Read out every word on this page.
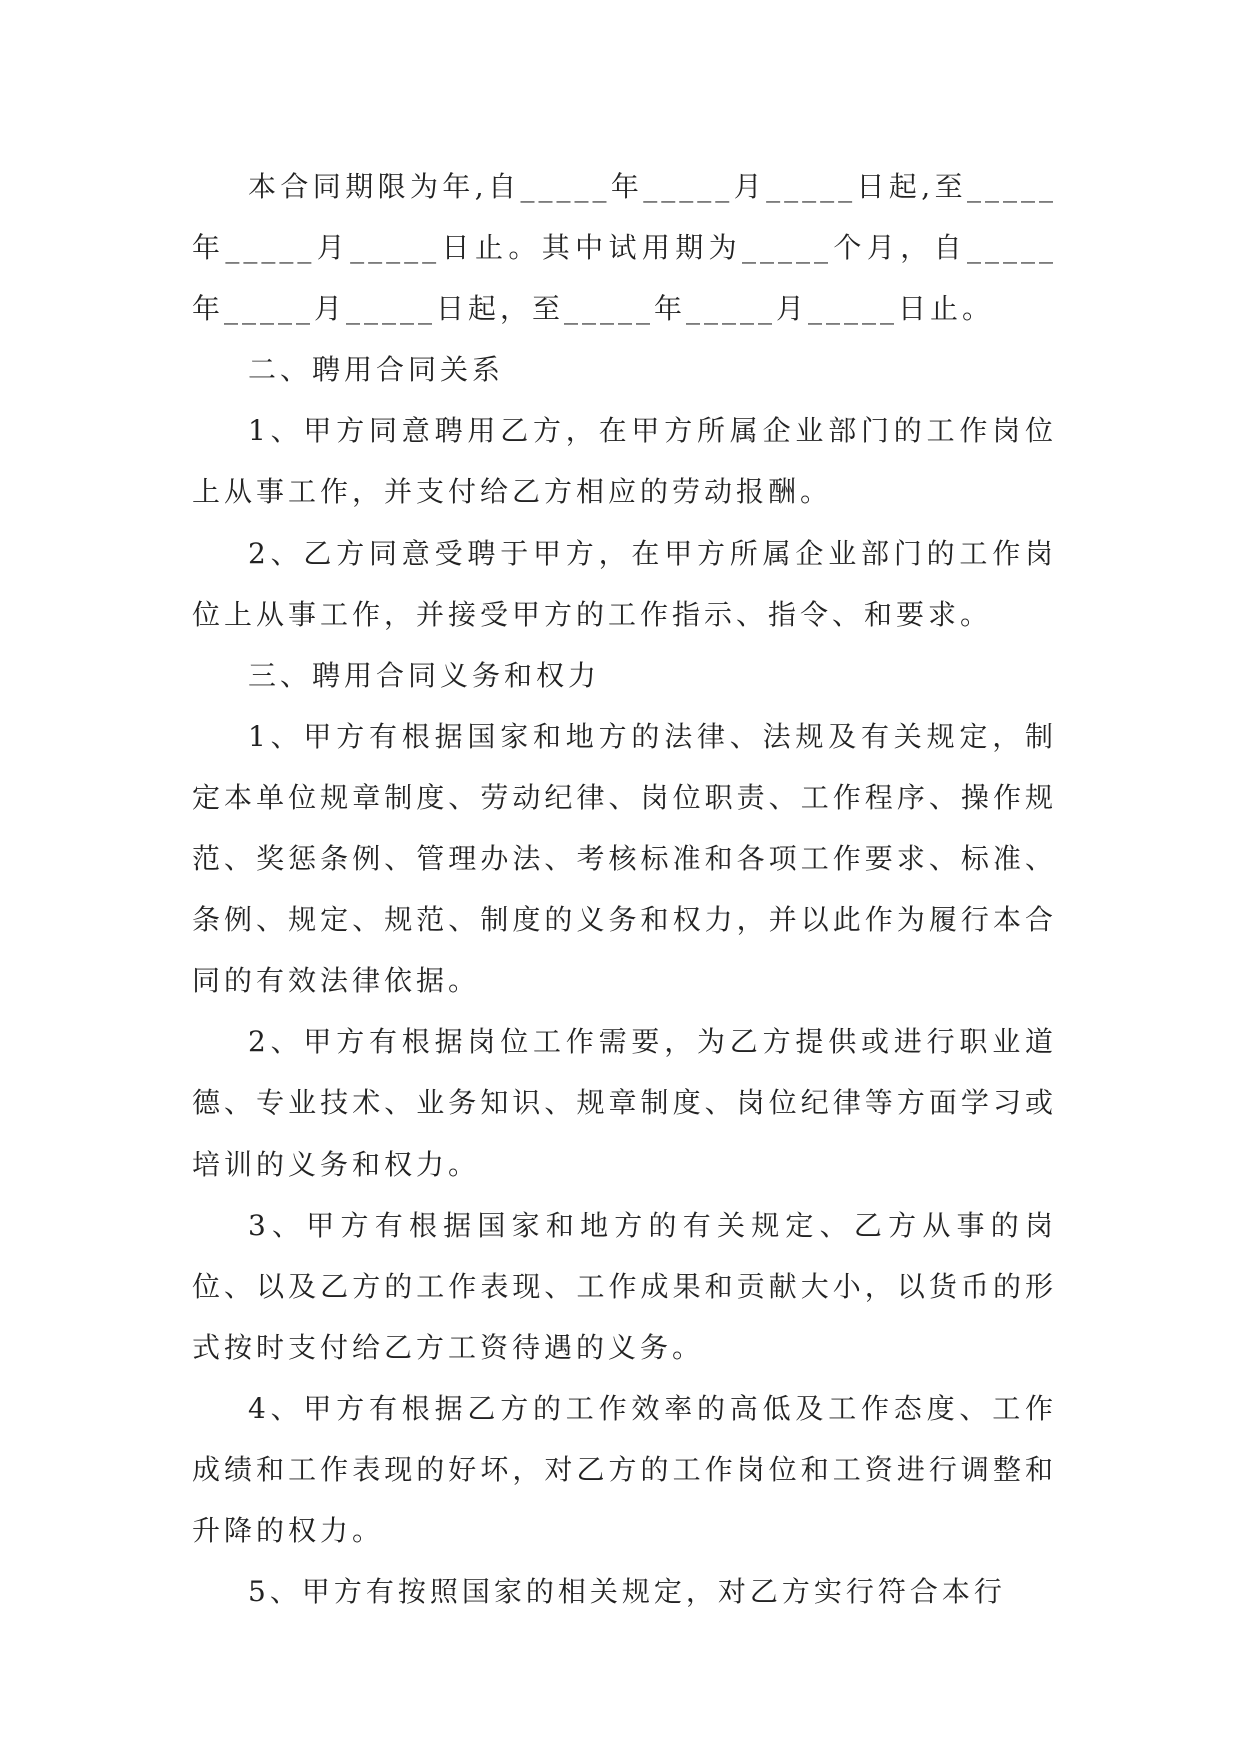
本合同期限为年,自_____年_____月_____日起,至_____年_____月_____日止。其中试用期为_____个月，自_____年_____月_____日起，至_____年_____月_____日止。

二、聘用合同关系

1、甲方同意聘用乙方，在甲方所属企业部门的工作岗位上从事工作，并支付给乙方相应的劳动报酬。

2、乙方同意受聘于甲方，在甲方所属企业部门的工作岗位上从事工作，并接受甲方的工作指示、指令、和要求。

三、聘用合同义务和权力

1、甲方有根据国家和地方的法律、法规及有关规定，制定本单位规章制度、劳动纪律、岗位职责、工作程序、操作规范、奖惩条例、管理办法、考核标准和各项工作要求、标准、条例、规定、规范、制度的义务和权力，并以此作为履行本合同的有效法律依据。

2、甲方有根据岗位工作需要，为乙方提供或进行职业道德、专业技术、业务知识、规章制度、岗位纪律等方面学习或培训的义务和权力。

3、甲方有根据国家和地方的有关规定、乙方从事的岗位、以及乙方的工作表现、工作成果和贡献大小，以货币的形式按时支付给乙方工资待遇的义务。

4、甲方有根据乙方的工作效率的高低及工作态度、工作成绩和工作表现的好坏，对乙方的工作岗位和工资进行调整和升降的权力。

5、甲方有按照国家的相关规定，对乙方实行符合本行
